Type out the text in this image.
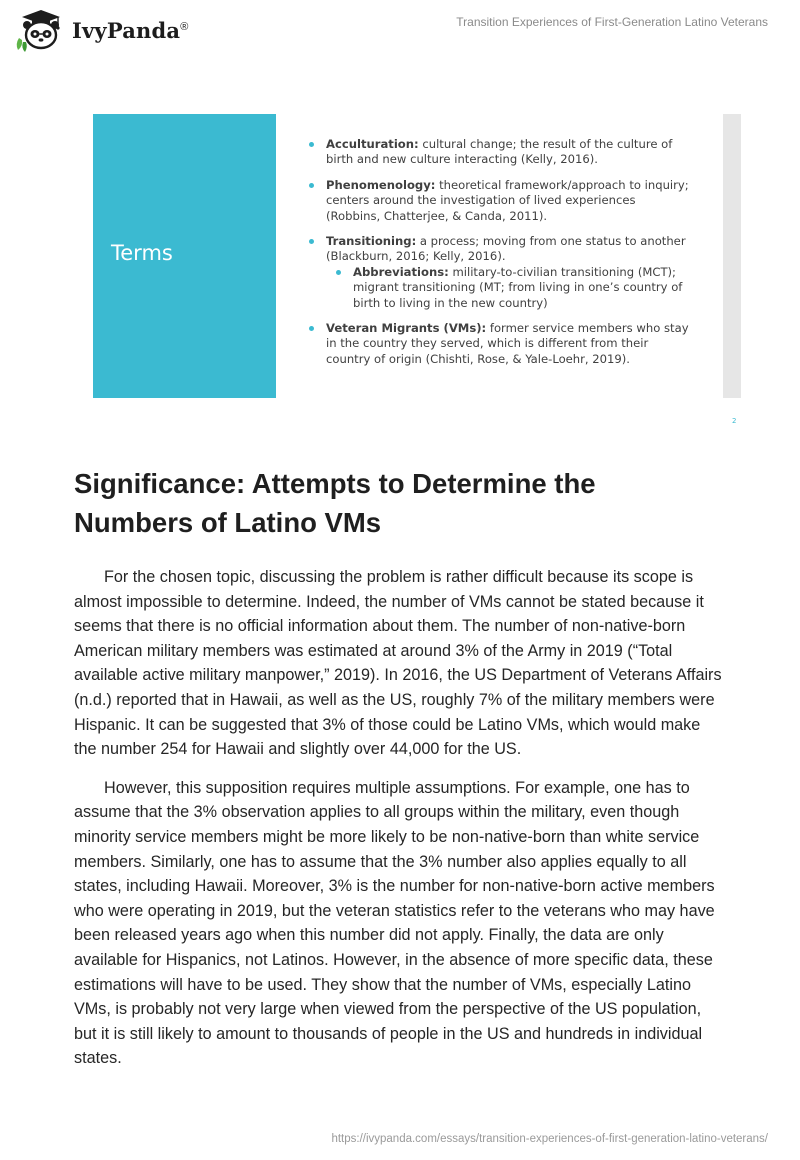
IvyPanda®	Transition Experiences of First-Generation Latino Veterans
Terms
Acculturation: cultural change; the result of the culture of birth and new culture interacting (Kelly, 2016).
Phenomenology: theoretical framework/approach to inquiry; centers around the investigation of lived experiences (Robbins, Chatterjee, & Canda, 2011).
Transitioning: a process; moving from one status to another (Blackburn, 2016; Kelly, 2016).
Abbreviations: military-to-civilian transitioning (MCT); migrant transitioning (MT; from living in one’s country of birth to living in the new country)
Veteran Migrants (VMs): former service members who stay in the country they served, which is different from their country of origin (Chishti, Rose, & Yale-Loehr, 2019).
2
Significance: Attempts to Determine the Numbers of Latino VMs

For the chosen topic, discussing the problem is rather difficult because its scope is almost impossible to determine. Indeed, the number of VMs cannot be stated because it seems that there is no official information about them. The number of non-native-born American military members was estimated at around 3% of the Army in 2019 (“Total available active military manpower,” 2019). In 2016, the US Department of Veterans Affairs (n.d.) reported that in Hawaii, as well as the US, roughly 7% of the military members were Hispanic. It can be suggested that 3% of those could be Latino VMs, which would make the number 254 for Hawaii and slightly over 44,000 for the US.

However, this supposition requires multiple assumptions. For example, one has to assume that the 3% observation applies to all groups within the military, even though minority service members might be more likely to be non-native-born than white service members. Similarly, one has to assume that the 3% number also applies equally to all states, including Hawaii. Moreover, 3% is the number for non-native-born active members who were operating in 2019, but the veteran statistics refer to the veterans who may have been released years ago when this number did not apply. Finally, the data are only available for Hispanics, not Latinos. However, in the absence of more specific data, these estimations will have to be used. They show that the number of VMs, especially Latino VMs, is probably not very large when viewed from the perspective of the US population, but it is still likely to amount to thousands of people in the US and hundreds in individual states.

https://ivypanda.com/essays/transition-experiences-of-first-generation-latino-veterans/
